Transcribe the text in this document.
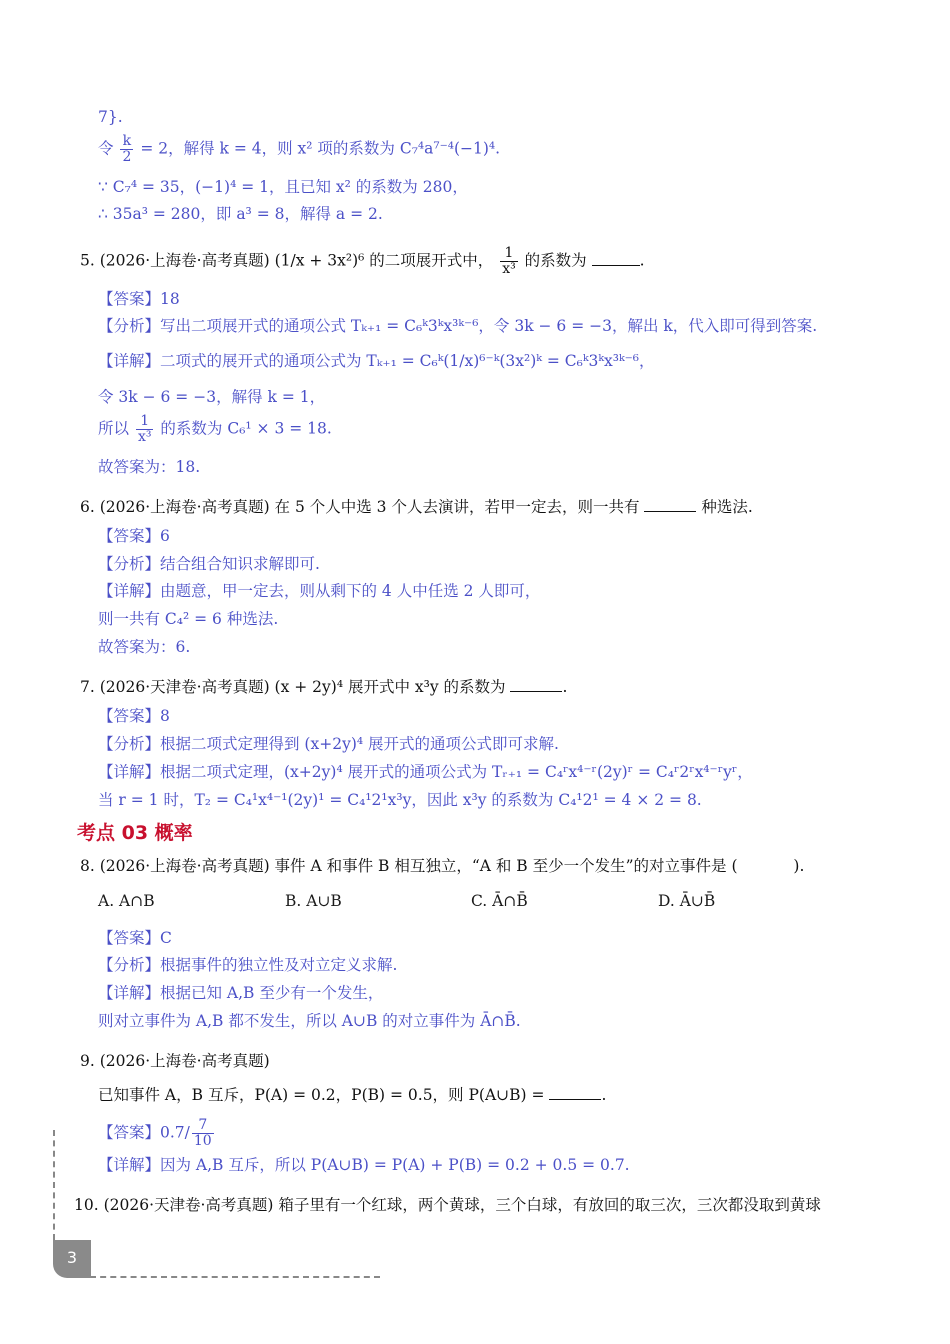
7}.
令 $\frac{k}{2} = 2$，解得 k = 4，则 x² 项的系数为 C₇⁴a⁷⁻⁴(−1)⁴.
∵ C₇⁴ = 35，(−1)⁴ = 1，且已知 x² 的系数为 280，
∴ 35a³ = 280，即 a³ = 8，解得 a = 2.
5. (2026·上海卷·高考真题) (1/x + 3x²)⁶ 的二项展开式中， $\frac{1}{\text{x³}}$ 的系数为	.
【答案】18
【分析】写出二项展开式的通项公式 Tₖ₊₁ = C₆ᵏ3ᵏx³ᵏ⁻⁶，令 3k − 6 = −3，解出 k，代入即可得到答案.
【详解】二项式的展开式的通项公式为 Tₖ₊₁ = C₆ᵏ(1/x)⁶⁻ᵏ(3x²)ᵏ = C₆ᵏ3ᵏx³ᵏ⁻⁶，
令 3k − 6 = −3，解得 k = 1，
所以 $\frac{1}{\text{x³}}$ 的系数为 C₆¹ × 3 = 18.
故答案为：18.
6. (2026·上海卷·高考真题) 在 5 个人中选 3 个人去演讲，若甲一定去，则一共有	种选法.
【答案】6
【分析】结合组合知识求解即可.
【详解】由题意，甲一定去，则从剩下的 4 人中任选 2 人即可，
则一共有 C₄² = 6 种选法.
故答案为：6.
7. (2026·天津卷·高考真题) (x + 2y)⁴ 展开式中 x³y 的系数为	.
【答案】8
【分析】根据二项式定理得到 (x+2y)⁴ 展开式的通项公式即可求解.
【详解】根据二项式定理，(x+2y)⁴ 展开式的通项公式为 Tᵣ₊₁ = C₄ʳx⁴⁻ʳ(2y)ʳ = C₄ʳ2ʳx⁴⁻ʳyʳ，
当 r = 1 时，T₂ = C₄¹x⁴⁻¹(2y)¹ = C₄¹2¹x³y，因此 x³y 的系数为 C₄¹2¹ = 4 × 2 = 8.
考点 03 概率
8. (2026·上海卷·高考真题) 事件 A 和事件 B 相互独立，“A 和 B 至少一个发生”的对立事件是 (	).
A. A∩B	B. A∪B	C. Ā∩B̄	D. Ā∪B̄
【答案】C
【分析】根据事件的独立性及对立定义求解.
【详解】根据已知 A,B 至少有一个发生，
则对立事件为 A,B 都不发生，所以 A∪B 的对立事件为 Ā∩B̄.
9. (2026·上海卷·高考真题)
已知事件 A，B 互斥，P(A) = 0.2，P(B) = 0.5，则 P(A∪B) =	.
【答案】$0.7/ \frac{7}{10}$
【详解】因为 A,B 互斥，所以 P(A∪B) = P(A) + P(B) = 0.2 + 0.5 = 0.7.
10. (2026·天津卷·高考真题) 箱子里有一个红球，两个黄球，三个白球，有放回的取三次，三次都没取到黄球
3
